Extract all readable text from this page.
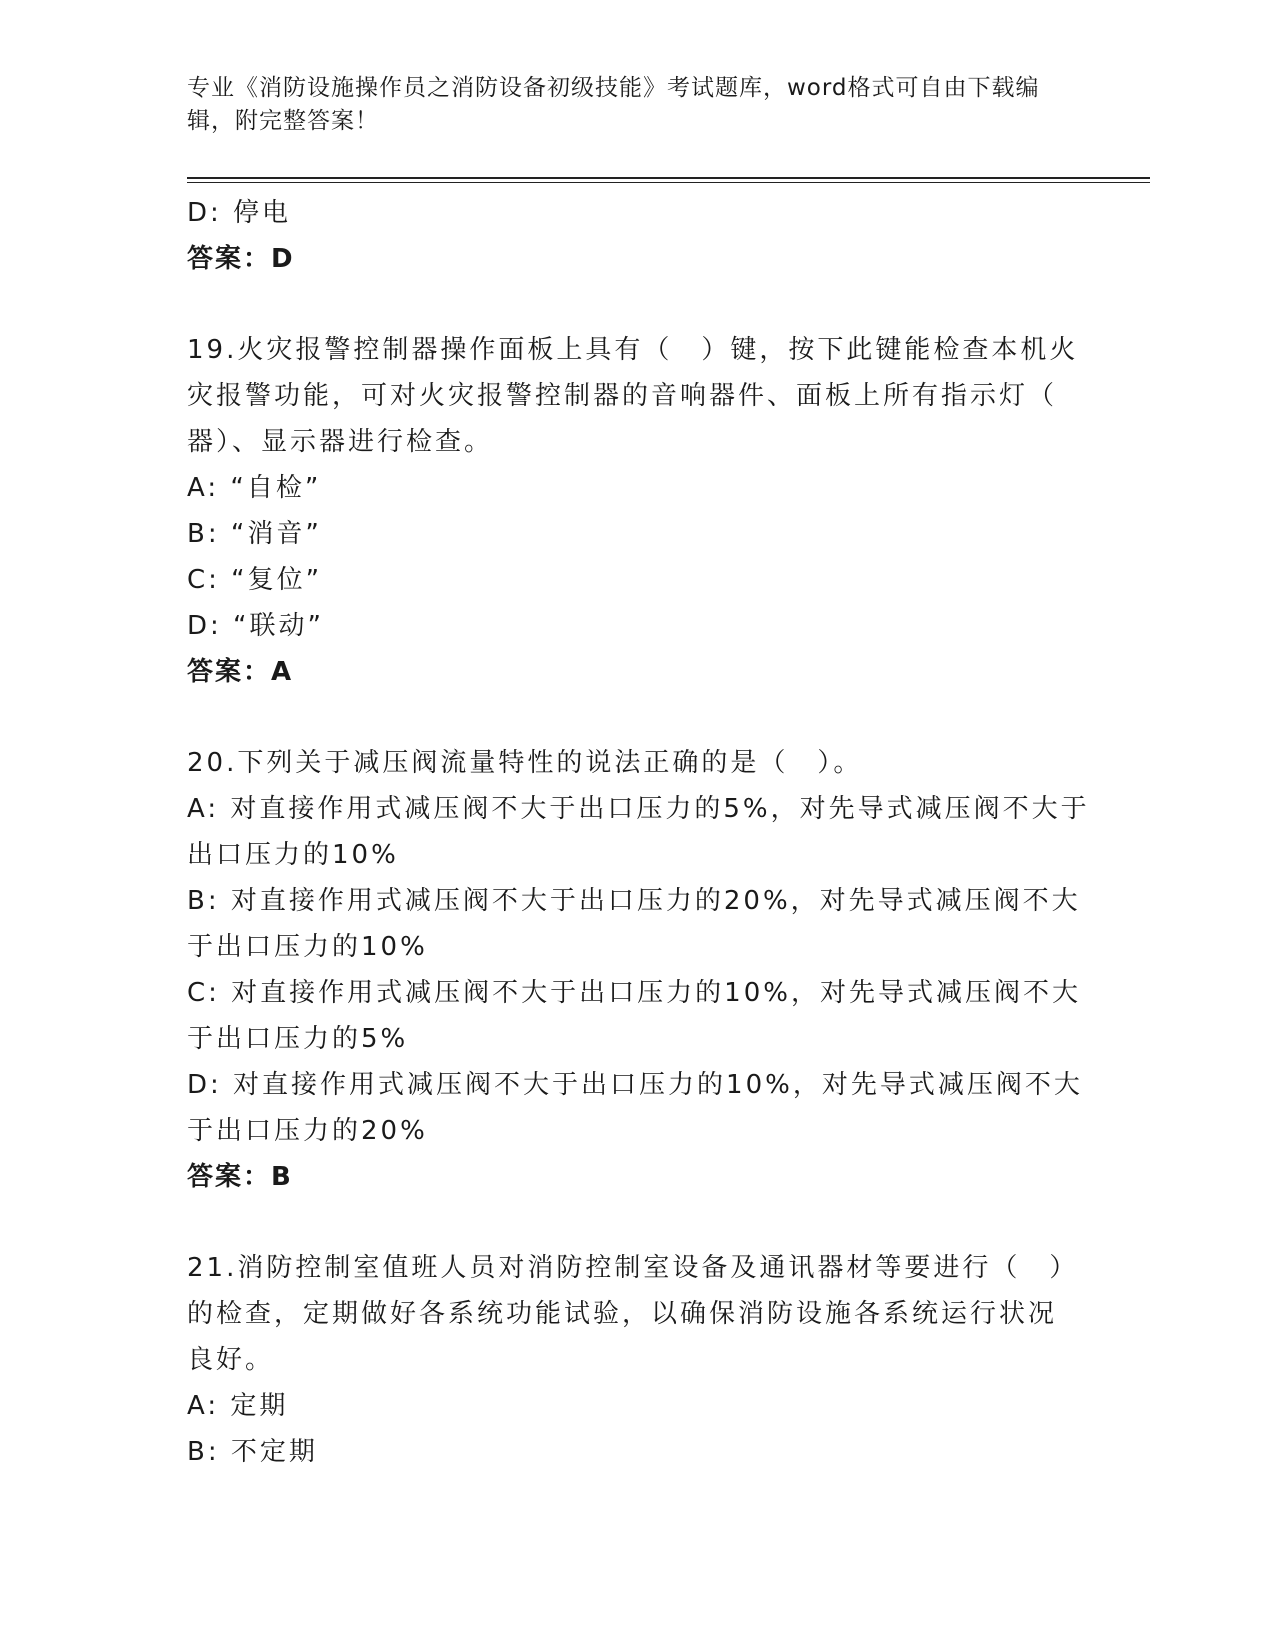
专业《消防设施操作员之消防设备初级技能》考试题库，word格式可自由下载编
辑，附完整答案！
D: 停电
答案：D
19.火灾报警控制器操作面板上具有（　）键，按下此键能检查本机火
灾报警功能，可对火灾报警控制器的音响器件、面板上所有指示灯（
器）、显示器进行检查。
A: “自检”
B: “消音”
C: “复位”
D: “联动”
答案：A
20.下列关于减压阀流量特性的说法正确的是（　）。
A: 对直接作用式减压阀不大于出口压力的5%，对先导式减压阀不大于
出口压力的10%
B: 对直接作用式减压阀不大于出口压力的20%，对先导式减压阀不大
于出口压力的10%
C: 对直接作用式减压阀不大于出口压力的10%，对先导式减压阀不大
于出口压力的5%
D: 对直接作用式减压阀不大于出口压力的10%，对先导式减压阀不大
于出口压力的20%
答案：B
21.消防控制室值班人员对消防控制室设备及通讯器材等要进行（　）
的检查，定期做好各系统功能试验，以确保消防设施各系统运行状况
良好。
A: 定期
B: 不定期
